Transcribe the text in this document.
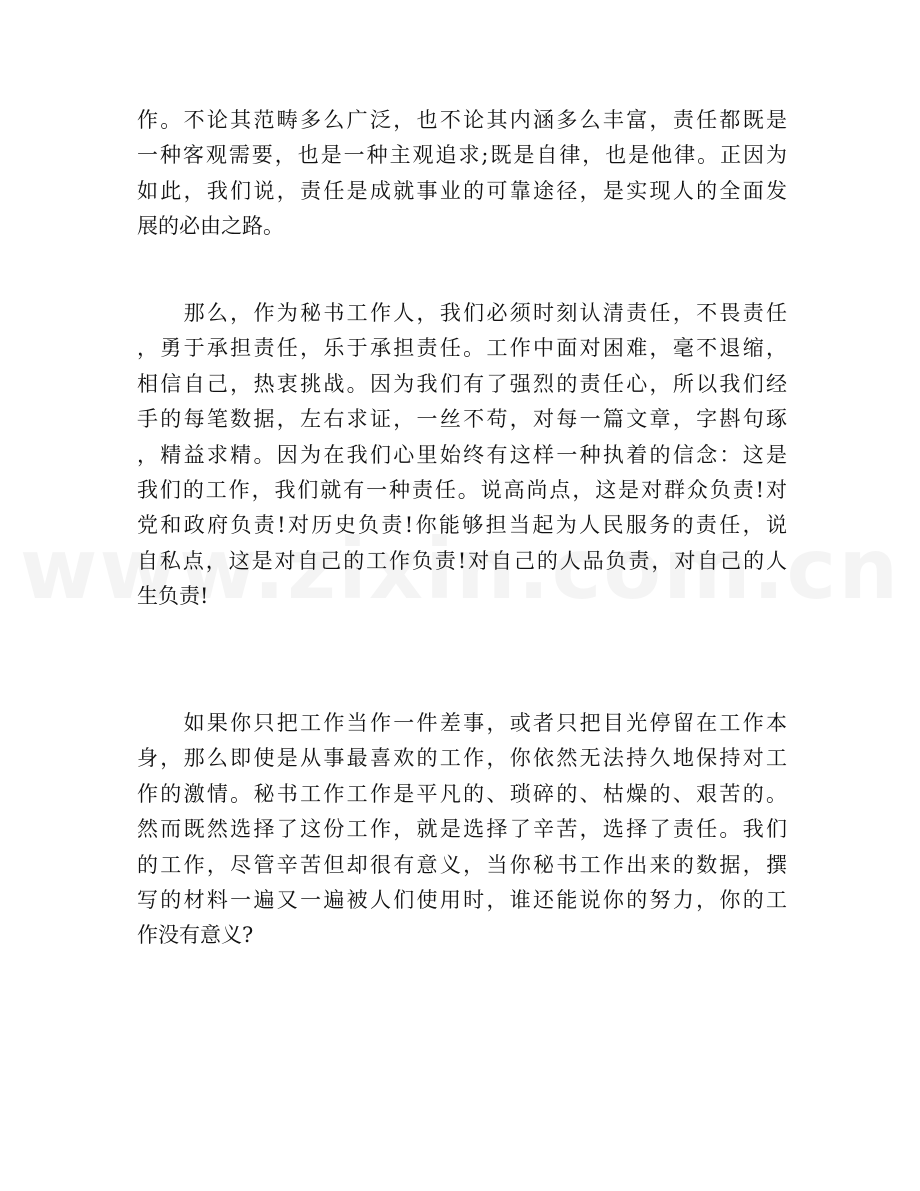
作。不论其范畴多么广泛，也不论其内涵多么丰富，责任都既是
一种客观需要，也是一种主观追求;既是自律，也是他律。正因为
如此，我们说，责任是成就事业的可靠途径，是实现人的全面发
展的必由之路。
　　那么，作为秘书工作人，我们必须时刻认清责任，不畏责任
，勇于承担责任，乐于承担责任。工作中面对困难，毫不退缩，
相信自己，热衷挑战。因为我们有了强烈的责任心，所以我们经
手的每笔数据，左右求证，一丝不苟，对每一篇文章，字斟句琢
，精益求精。因为在我们心里始终有这样一种执着的信念：这是
我们的工作，我们就有一种责任。说高尚点，这是对群众负责!对
党和政府负责!对历史负责!你能够担当起为人民服务的责任，说
自私点，这是对自己的工作负责!对自己的人品负责，对自己的人
生负责!
　　如果你只把工作当作一件差事，或者只把目光停留在工作本
身，那么即使是从事最喜欢的工作，你依然无法持久地保持对工
作的激情。秘书工作工作是平凡的、琐碎的、枯燥的、艰苦的。
然而既然选择了这份工作，就是选择了辛苦，选择了责任。我们
的工作，尽管辛苦但却很有意义，当你秘书工作出来的数据，撰
写的材料一遍又一遍被人们使用时，谁还能说你的努力，你的工
作没有意义?
